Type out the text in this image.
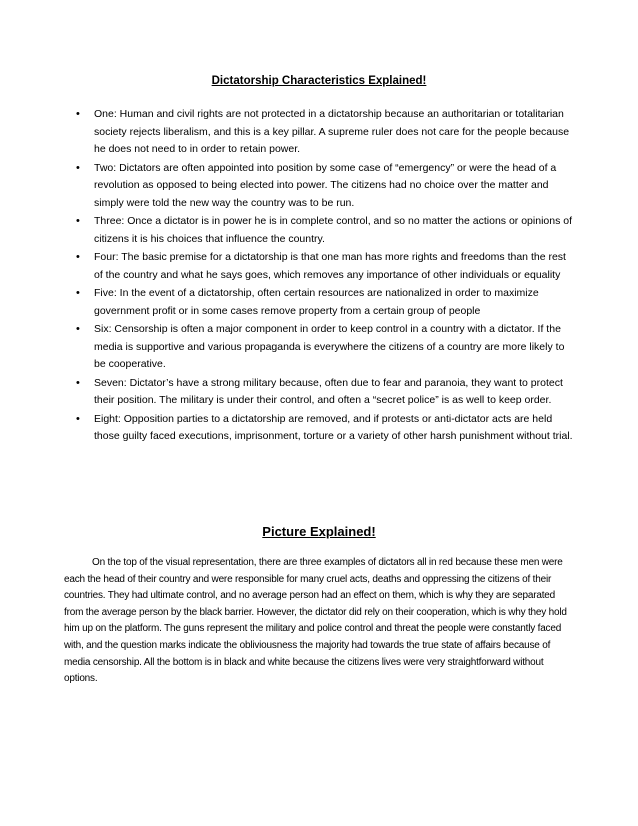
Dictatorship Characteristics Explained!
• One: Human and civil rights are not protected in a dictatorship because an authoritarian or totalitarian society rejects liberalism, and this is a key pillar. A supreme ruler does not care for the people because he does not need to in order to retain power.
• Two: Dictators are often appointed into position by some case of “emergency” or were the head of a revolution as opposed to being elected into power. The citizens had no choice over the matter and simply were told the new way the country was to be run.
• Three: Once a dictator is in power he is in complete control, and so no matter the actions or opinions of citizens it is his choices that influence the country.
• Four: The basic premise for a dictatorship is that one man has more rights and freedoms than the rest of the country and what he says goes, which removes any importance of other individuals or equality
• Five: In the event of a dictatorship, often certain resources are nationalized in order to maximize government profit or in some cases remove property from a certain group of people
• Six: Censorship is often a major component in order to keep control in a country with a dictator. If the media is supportive and various propaganda is everywhere the citizens of a country are more likely to be cooperative.
• Seven: Dictator’s have a strong military because, often due to fear and paranoia, they want to protect their position. The military is under their control, and often a “secret police” is as well to keep order.
• Eight: Opposition parties to a dictatorship are removed, and if protests or anti-dictator acts are held those guilty faced executions, imprisonment, torture or a variety of other harsh punishment without trial.
Picture Explained!

On the top of the visual representation, there are three examples of dictators all in red because these men were each the head of their country and were responsible for many cruel acts, deaths and oppressing the citizens of their countries. They had ultimate control, and no average person had an effect on them, which is why they are separated from the average person by the black barrier. However, the dictator did rely on their cooperation, which is why they hold him up on the platform. The guns represent the military and police control and threat the people were constantly faced with, and the question marks indicate the obliviousness the majority had towards the true state of affairs because of media censorship. All the bottom is in black and white because the citizens lives were very straightforward without options.
